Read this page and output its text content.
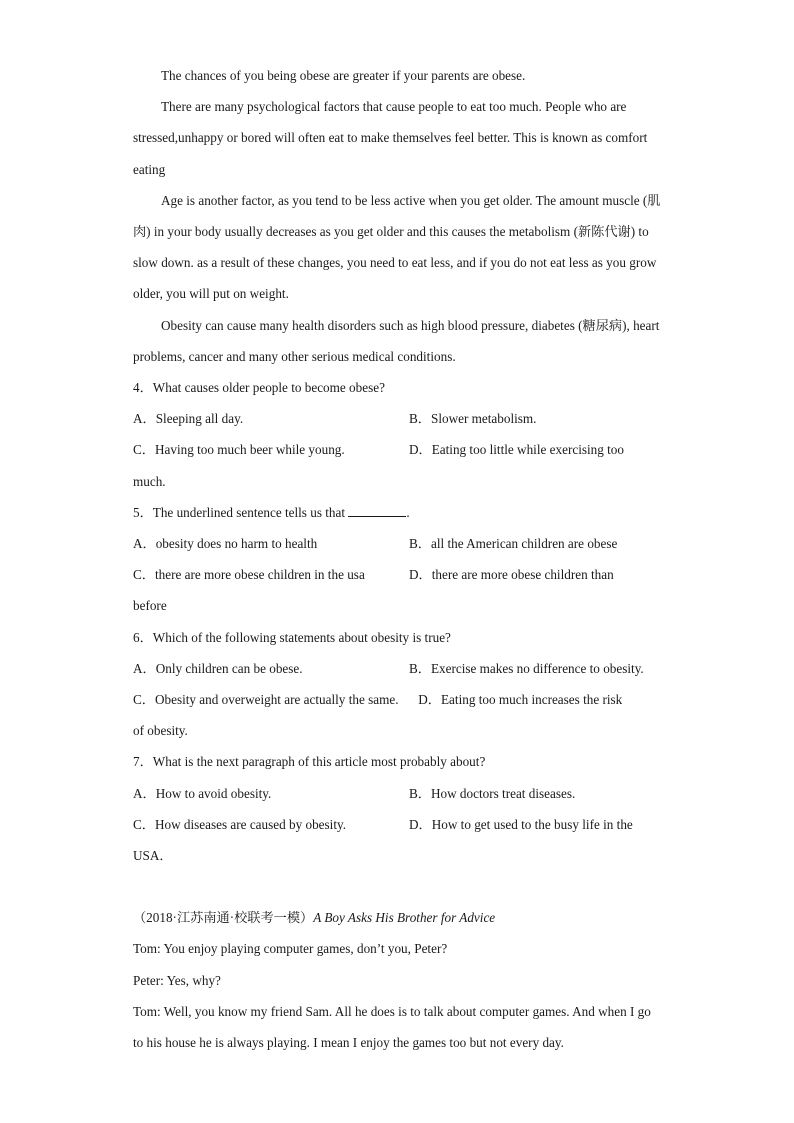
The chances of you being obese are greater if your parents are obese.

There are many psychological factors that cause people to eat too much. People who are stressed,unhappy or bored will often eat to make themselves feel better. This is known as comfort eating

Age is another factor, as you tend to be less active when you get older. The amount muscle (肌肉) in your body usually decreases as you get older and this causes the metabolism (新陈代谢) to slow down. as a result of these changes, you need to eat less, and if you do not eat less as you grow older, you will put on weight.

Obesity can cause many health disorders such as high blood pressure, diabetes (糖尿病), heart problems, cancer and many other serious medical conditions.

4．What causes older people to become obese?

A．Sleeping all day.	B．Slower metabolism.
C．Having too much beer while young.	D．Eating too little while exercising too

much.

5．The underlined sentence tells us that	.

A．obesity does no harm to health	B．all the American children are obese
C．there are more obese children in the usa	D．there are more obese children than

before

6．Which of the following statements about obesity is true?

A．Only children can be obese.	B．Exercise makes no difference to obesity.

C．Obesity and overweight are actually the same. D．Eating too much increases the risk

of obesity.

7．What is the next paragraph of this article most probably about?

A．How to avoid obesity.	B．How doctors treat diseases.
C．How diseases are caused by obesity.	D．How to get used to the busy life in the

USA．

（2018·江苏南通·校联考一模）A Boy Asks His Brother for Advice

Tom: You enjoy playing computer games, don’t you, Peter?

Peter: Yes, why?

Tom: Well, you know my friend Sam. All he does is to talk about computer games. And when I go to his house he is always playing. I mean I enjoy the games too but not every day.
